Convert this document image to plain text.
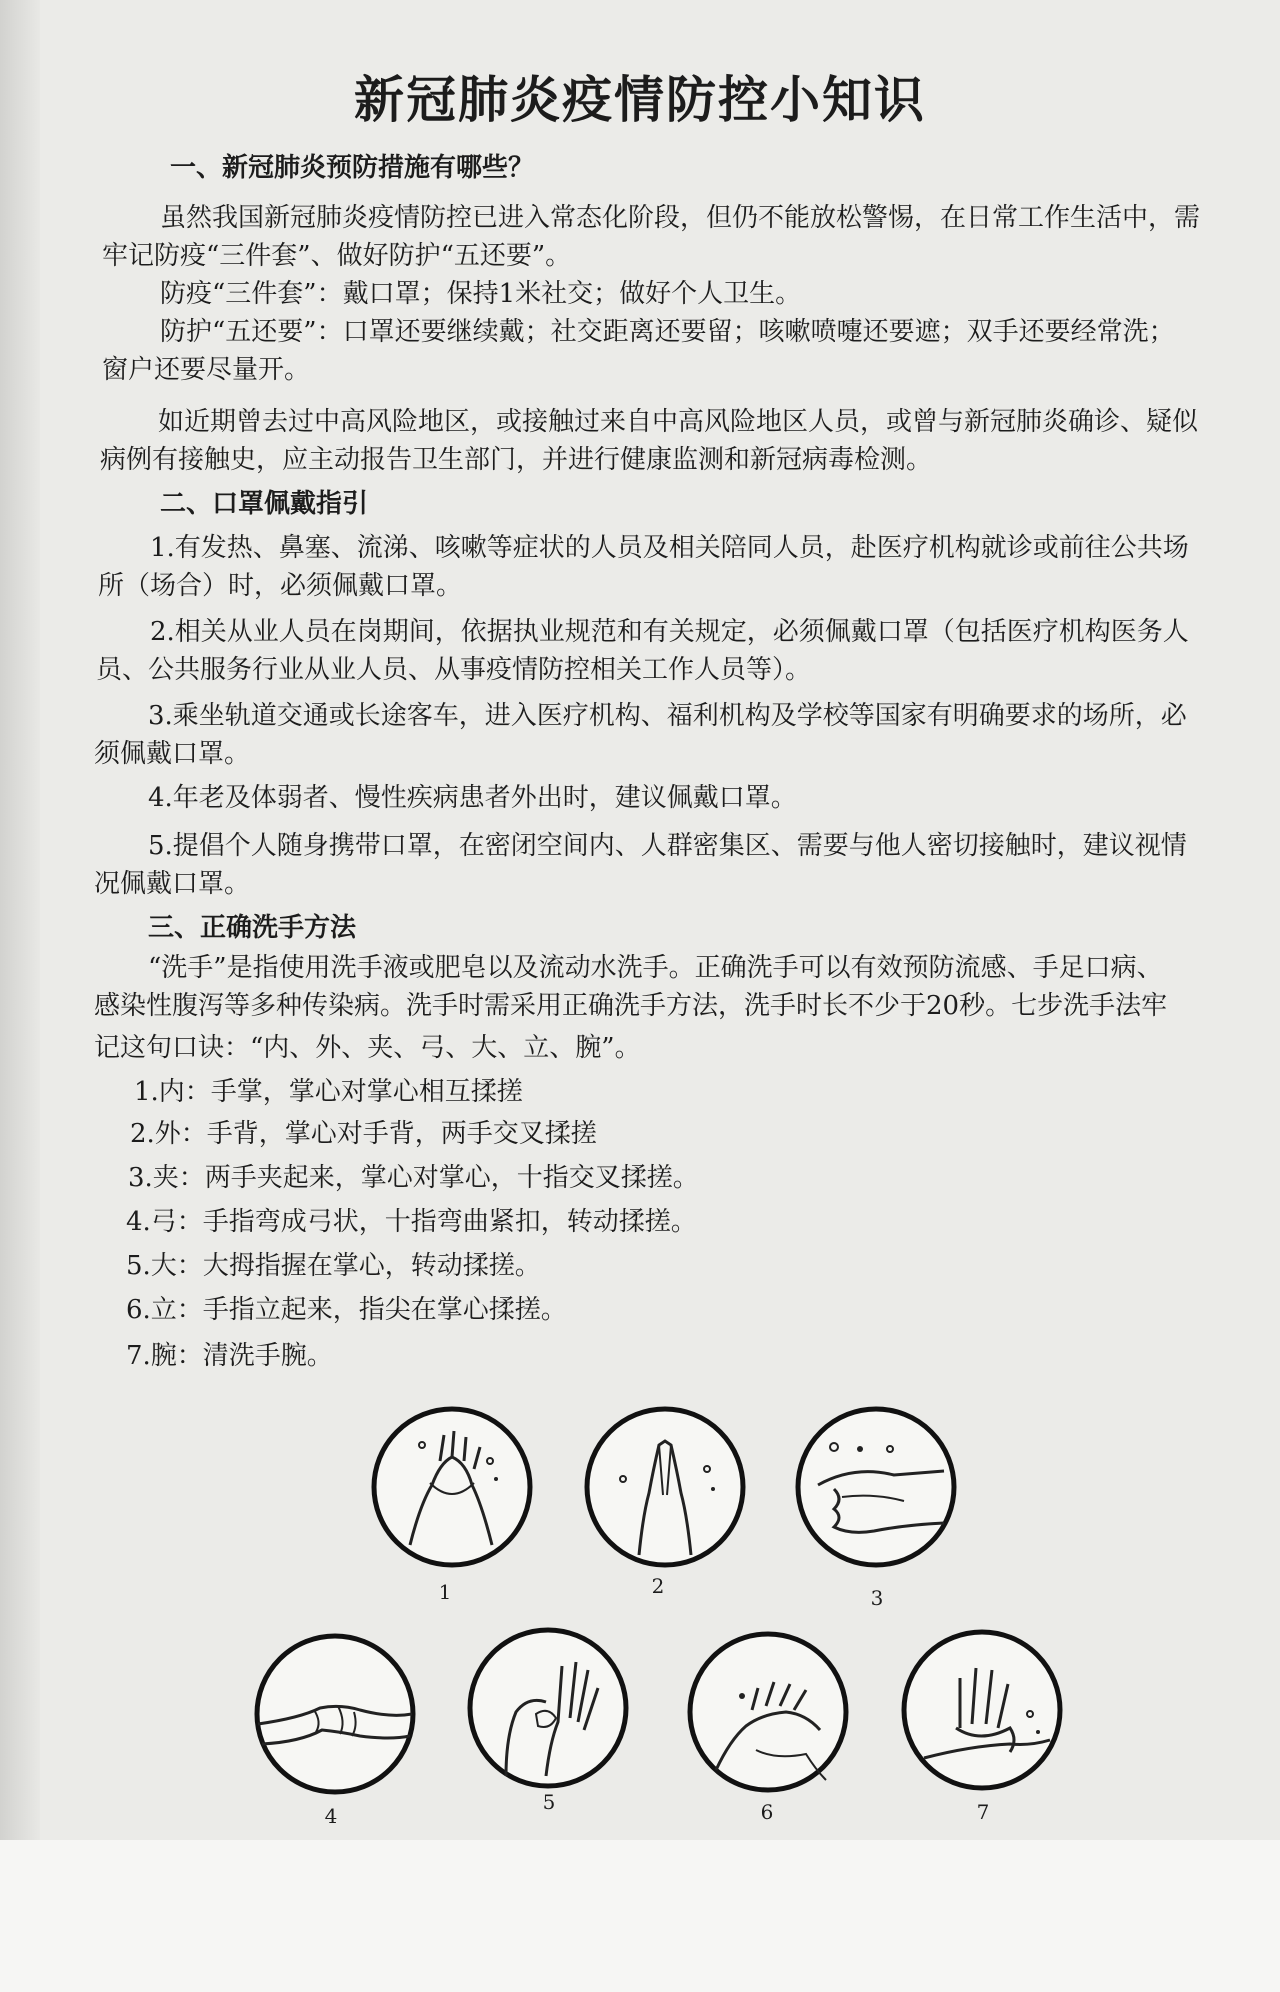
新冠肺炎疫情防控小知识

一、新冠肺炎预防措施有哪些？

虽然我国新冠肺炎疫情防控已进入常态化阶段，但仍不能放松警惕，在日常工作生活中，需

牢记防疫“三件套”、做好防护“五还要”。

防疫“三件套”：戴口罩；保持1米社交；做好个人卫生。

防护“五还要”：口罩还要继续戴；社交距离还要留；咳嗽喷嚏还要遮；双手还要经常洗；

窗户还要尽量开。

如近期曾去过中高风险地区，或接触过来自中高风险地区人员，或曾与新冠肺炎确诊、疑似

病例有接触史，应主动报告卫生部门，并进行健康监测和新冠病毒检测。

二、口罩佩戴指引

1.有发热、鼻塞、流涕、咳嗽等症状的人员及相关陪同人员，赴医疗机构就诊或前往公共场

所（场合）时，必须佩戴口罩。

2.相关从业人员在岗期间，依据执业规范和有关规定，必须佩戴口罩（包括医疗机构医务人

员、公共服务行业从业人员、从事疫情防控相关工作人员等）。

3.乘坐轨道交通或长途客车，进入医疗机构、福利机构及学校等国家有明确要求的场所，必

须佩戴口罩。

4.年老及体弱者、慢性疾病患者外出时，建议佩戴口罩。

5.提倡个人随身携带口罩，在密闭空间内、人群密集区、需要与他人密切接触时，建议视情

况佩戴口罩。

三、正确洗手方法

“洗手”是指使用洗手液或肥皂以及流动水洗手。正确洗手可以有效预防流感、手足口病、

感染性腹泻等多种传染病。洗手时需采用正确洗手方法，洗手时长不少于20秒。七步洗手法牢

记这句口诀：“内、外、夹、弓、大、立、腕”。

1.内：手掌，掌心对掌心相互揉搓

2.外：手背，掌心对手背，两手交叉揉搓

3.夹：两手夹起来，掌心对掌心，十指交叉揉搓。

4.弓：手指弯成弓状，十指弯曲紧扣，转动揉搓。

5.大：大拇指握在掌心，转动揉搓。

6.立：手指立起来，指尖在掌心揉搓。

7.腕：清洗手腕。

1	2	3
4
5	6	7
